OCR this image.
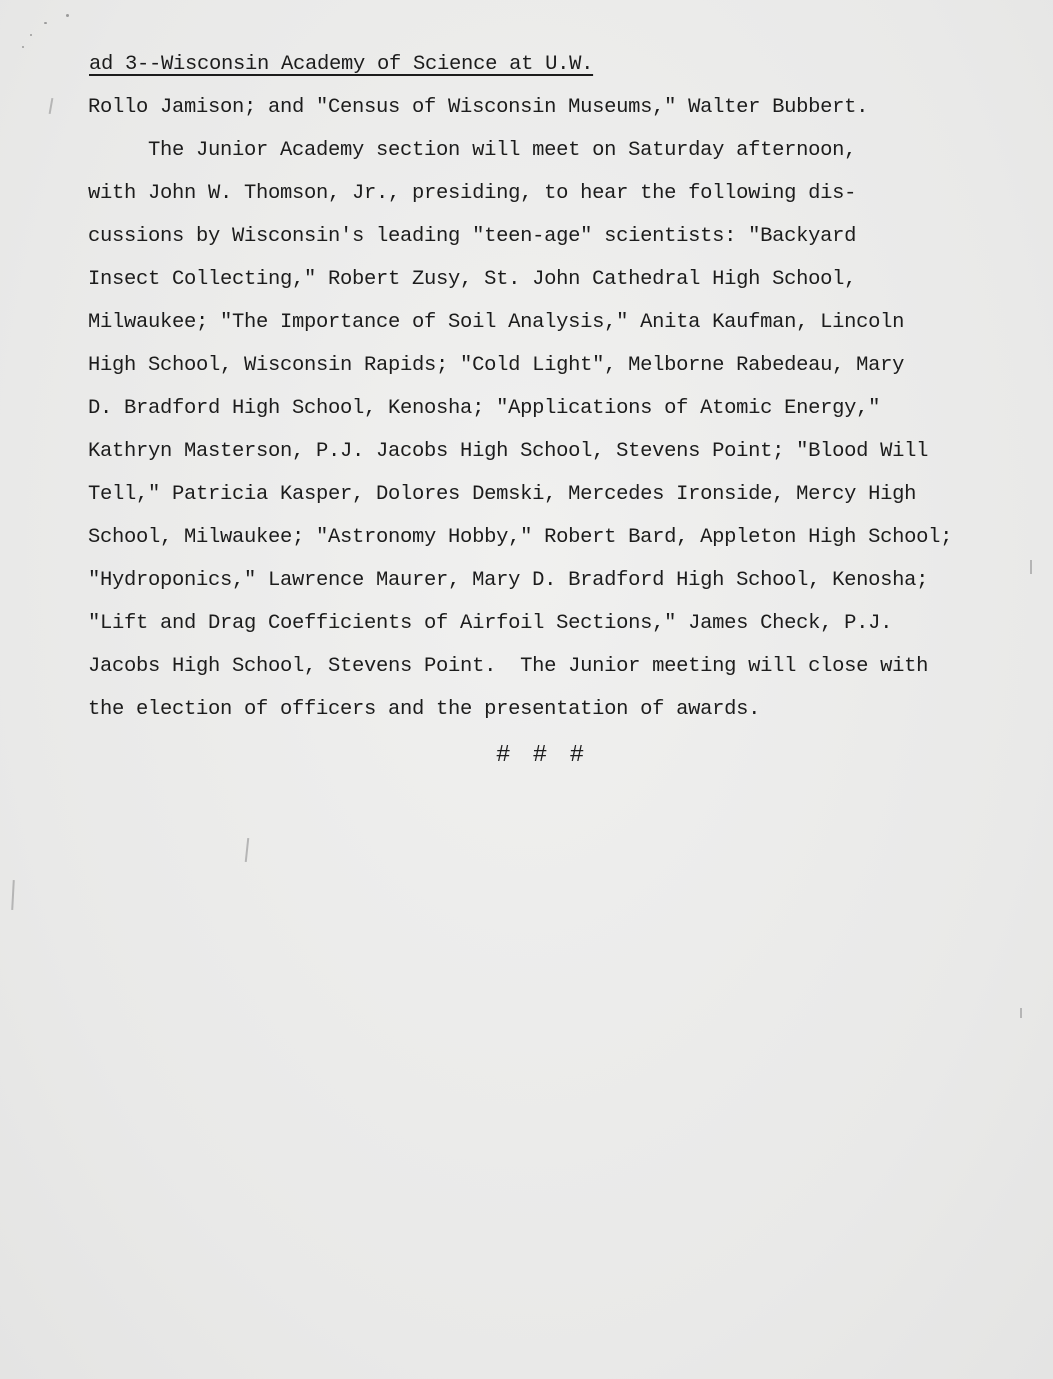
ad 3--Wisconsin Academy of Science at U.W.
Rollo Jamison; and "Census of Wisconsin Museums," Walter Bubbert.
The Junior Academy section will meet on Saturday afternoon,
with John W. Thomson, Jr., presiding, to hear the following dis-
cussions by Wisconsin's leading "teen-age" scientists: "Backyard
Insect Collecting," Robert Zusy, St. John Cathedral High School,
Milwaukee; "The Importance of Soil Analysis," Anita Kaufman, Lincoln
High School, Wisconsin Rapids; "Cold Light", Melborne Rabedeau, Mary
D. Bradford High School, Kenosha; "Applications of Atomic Energy,"
Kathryn Masterson, P.J. Jacobs High School, Stevens Point; "Blood Will
Tell," Patricia Kasper, Dolores Demski, Mercedes Ironside, Mercy High
School, Milwaukee; "Astronomy Hobby," Robert Bard, Appleton High School;
"Hydroponics," Lawrence Maurer, Mary D. Bradford High School, Kenosha;
"Lift and Drag Coefficients of Airfoil Sections," James Check, P.J.
Jacobs High School, Stevens Point.  The Junior meeting will close with
the election of officers and the presentation of awards.
# # #
